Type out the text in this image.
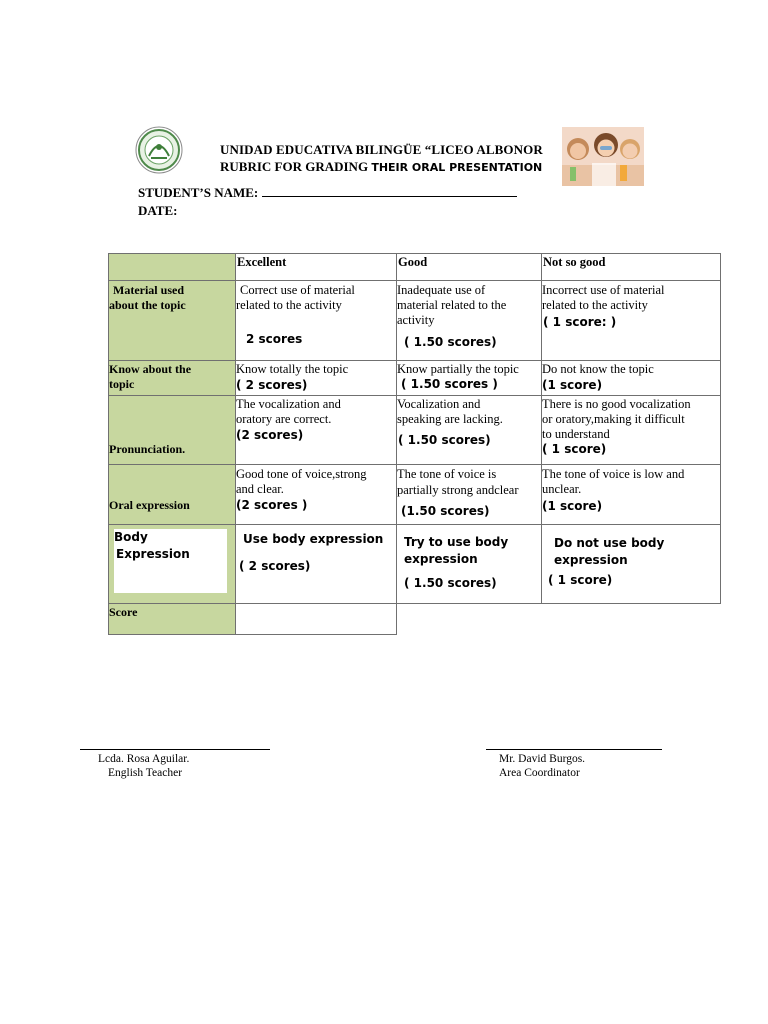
UNIDAD EDUCATIVA BILINGÜE “LICEO ALBONOR
RUBRIC FOR GRADING THEIR ORAL PRESENTATION
STUDENT’S NAME:
DATE:
Excellent	Good	Not so good
Material used
about the topic
Correct use of material
related to the activity
2 scores
Inadequate use of
material related to the
activity
( 1.50 scores)
Incorrect use of material
related to the activity
( 1 score: )
Know about the
topic
Know totally the topic
( 2 scores)
Know partially the topic
( 1.50 scores )
Do not know the topic
(1 score)
Pronunciation.
The vocalization and
oratory are correct.
(2 scores)
Vocalization and
speaking are lacking.
( 1.50 scores)
There is no good vocalization
or oratory,making it difficult
to understand
( 1 score)
Oral expression
Good tone of voice,strong
and clear.
(2 scores )
The tone of voice is
partially strong andclear
(1.50 scores)
The tone of voice is low and
unclear.
(1 score)
Body
Expression
Use body expression
( 2 scores)
Try to use body
expression
( 1.50 scores)
Do not use body
expression
( 1 score)
Score
Lcda. Rosa Aguilar.
English Teacher
Mr. David Burgos.
Area Coordinator
